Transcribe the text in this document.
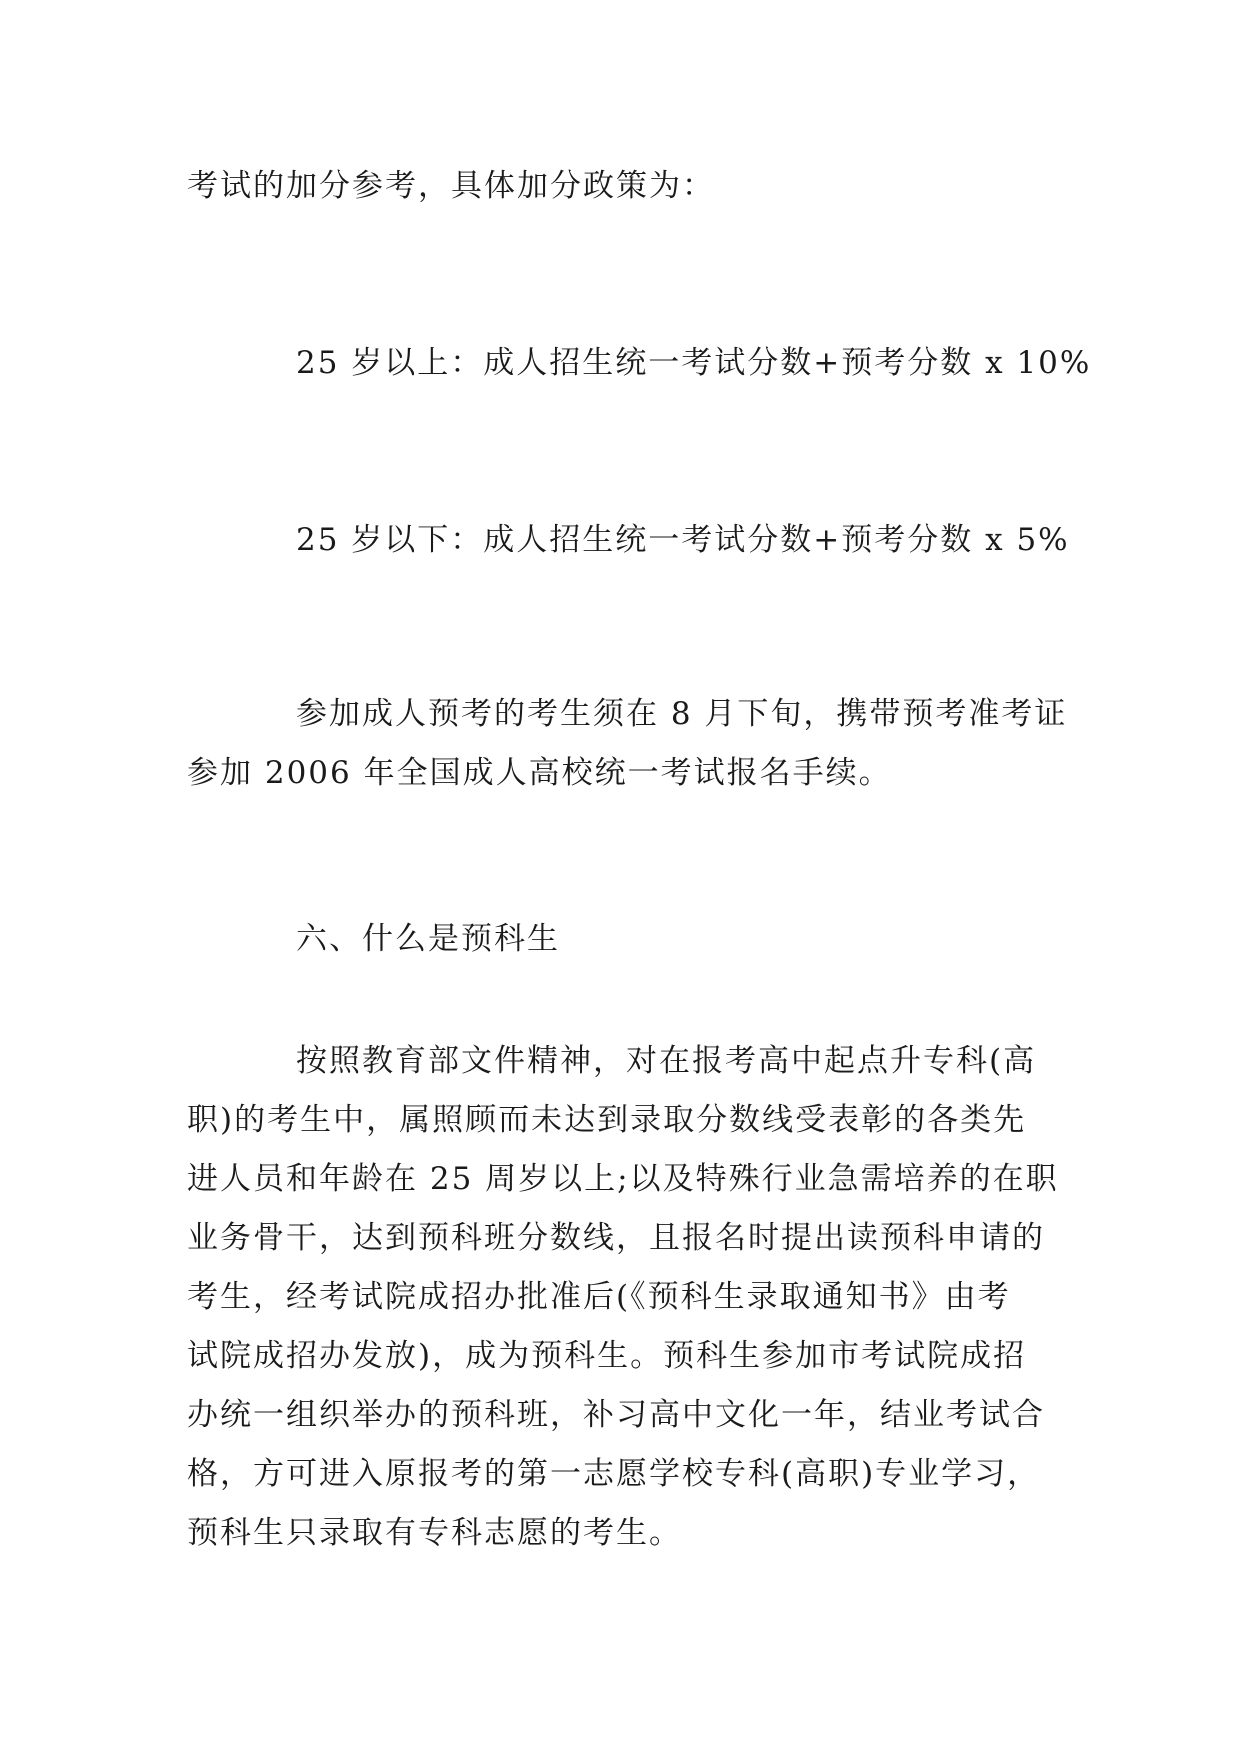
考试的加分参考，具体加分政策为：
25 岁以上：成人招生统一考试分数+预考分数 x 10%
25 岁以下：成人招生统一考试分数+预考分数 x 5%

参加成人预考的考生须在 8 月下旬，携带预考准考证

参加 2006 年全国成人高校统一考试报名手续。

六、什么是预科生

按照教育部文件精神，对在报考高中起点升专科(高

职)的考生中，属照顾而未达到录取分数线受表彰的各类先

进人员和年龄在 25 周岁以上;以及特殊行业急需培养的在职

业务骨干，达到预科班分数线，且报名时提出读预科申请的

考生，经考试院成招办批准后(《预科生录取通知书》由考

试院成招办发放)，成为预科生。预科生参加市考试院成招

办统一组织举办的预科班，补习高中文化一年，结业考试合

格，方可进入原报考的第一志愿学校专科(高职)专业学习，

预科生只录取有专科志愿的考生。
